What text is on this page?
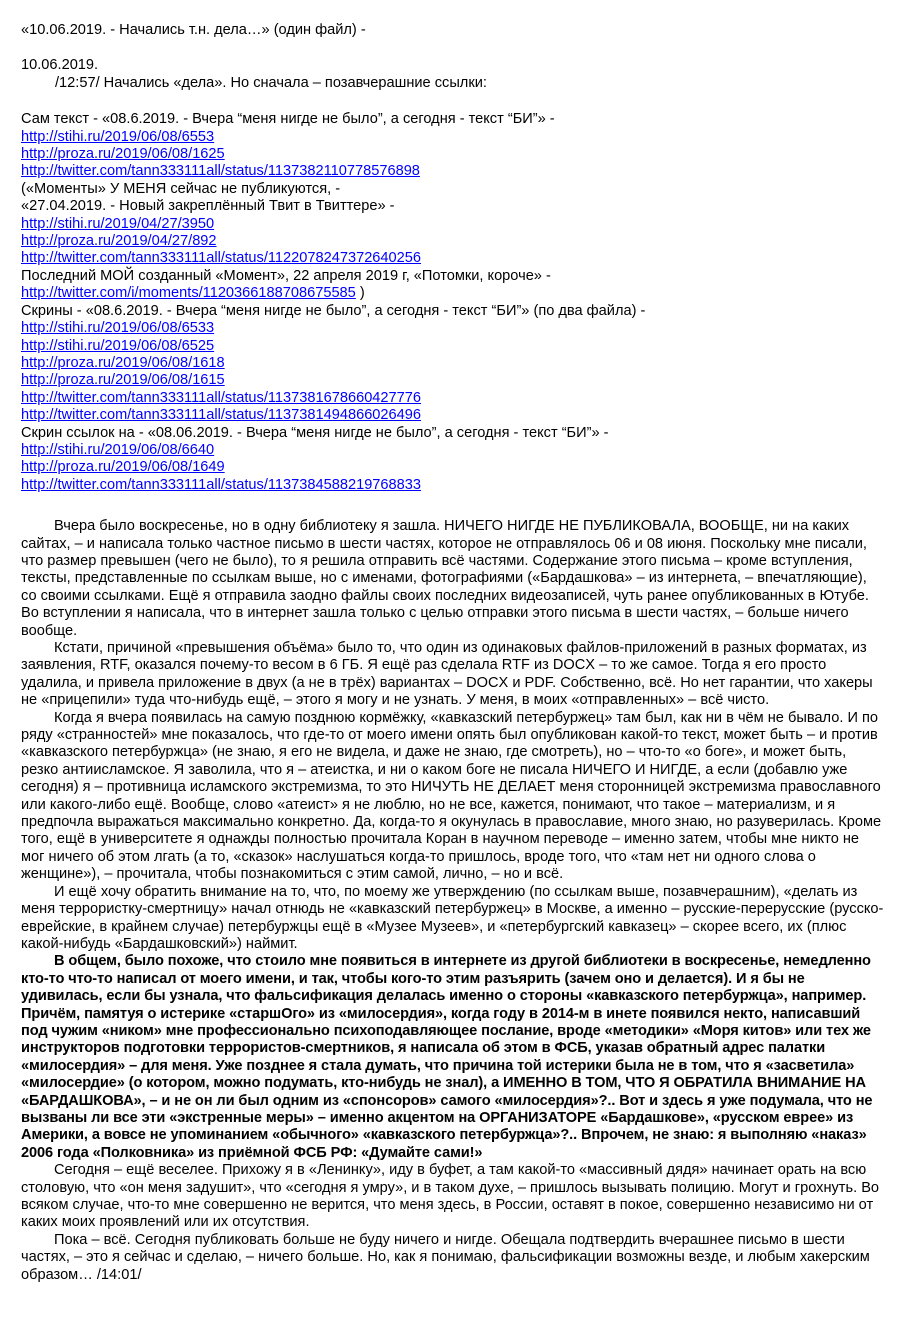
«10.06.2019. - Начались т.н. дела…» (один файл) -
10.06.2019.
/12:57/ Начались «дела». Но сначала – позавчерашние ссылки:
Сам текст - «08.6.2019. - Вчера “меня нигде не было”, а сегодня - текст “БИ”» -
http://stihi.ru/2019/06/08/6553
http://proza.ru/2019/06/08/1625
http://twitter.com/tann333111all/status/1137382110778576898
(«Моменты» У МЕНЯ сейчас не публикуются, -
«27.04.2019. - Новый закреплённый Твит в Твиттере» -
http://stihi.ru/2019/04/27/3950
http://proza.ru/2019/04/27/892
http://twitter.com/tann333111all/status/1122078247372640256
Последний МОЙ созданный «Момент», 22 апреля 2019 г, «Потомки, короче» -
http://twitter.com/i/moments/1120366188708675585 )
Скрины - «08.6.2019. - Вчера “меня нигде не было”, а сегодня - текст “БИ”» (по два файла) -
http://stihi.ru/2019/06/08/6533
http://stihi.ru/2019/06/08/6525
http://proza.ru/2019/06/08/1618
http://proza.ru/2019/06/08/1615
http://twitter.com/tann333111all/status/1137381678660427776
http://twitter.com/tann333111all/status/1137381494866026496
Скрин ссылок на - «08.06.2019. - Вчера “меня нигде не было”, а сегодня - текст “БИ”» -
http://stihi.ru/2019/06/08/6640
http://proza.ru/2019/06/08/1649
http://twitter.com/tann333111all/status/1137384588219768833

Вчера было воскресенье, но в одну библиотеку я зашла. НИЧЕГО НИГДЕ НЕ ПУБЛИКОВАЛА, ВООБЩЕ, ни на каких сайтах, – и написала только частное письмо в шести частях, которое не отправлялось 06 и 08 июня. Поскольку мне писали, что размер превышен (чего не было), то я решила отправить всё частями. Содержание этого письма – кроме вступления, тексты, представленные по ссылкам выше, но с именами, фотографиями («Бардашкова» – из интернета, – впечатляющие), со своими ссылками. Ещё я отправила заодно файлы своих последних видеозаписей, чуть ранее опубликованных в Ютубе. Во вступлении я написала, что в интернет зашла только с целью отправки этого письма в шести частях, – больше ничего вообще.

Кстати, причиной «превышения объёма» было то, что один из одинаковых файлов-приложений в разных форматах, из заявления, RTF, оказался почему-то весом в 6 ГБ. Я ещё раз сделала RTF из DOCX – то же самое. Тогда я его просто удалила, и привела приложение в двух (а не в трёх) вариантах – DOCX и PDF. Собственно, всё. Но нет гарантии, что хакеры не «прицепили» туда что-нибудь ещё, – этого я могу и не узнать. У меня, в моих «отправленных» – всё чисто.

Когда я вчера появилась на самую позднюю кормёжку, «кавказский петербуржец» там был, как ни в чём не бывало. И по ряду «странностей» мне показалось, что где-то от моего имени опять был опубликован какой-то текст, может быть – и против «кавказского петербуржца» (не знаю, я его не видела, и даже не знаю, где смотреть), но – что-то «о боге», и может быть, резко антиисламское. Я заволила, что я – атеистка, и ни о каком боге не писала НИЧЕГО И НИГДЕ, а если (добавлю уже сегодня) я – противница исламского экстремизма, то это НИЧУТЬ НЕ ДЕЛАЕТ меня сторонницей экстремизма православного или какого-либо ещё. Вообще, слово «атеист» я не люблю, но не все, кажется, понимают, что такое – материализм, и я предпочла выражаться максимально конкретно. Да, когда-то я окунулась в православие, много знаю, но разуверилась. Кроме того, ещё в университете я однажды полностью прочитала Коран в научном переводе – именно затем, чтобы мне никто не мог ничего об этом лгать (а то, «сказок» наслушаться когда-то пришлось, вроде того, что «там нет ни одного слова о женщине»), – прочитала, чтобы познакомиться с этим самой, лично, – но и всё.

И ещё хочу обратить внимание на то, что, по моему же утверждению (по ссылкам выше, позавчерашним), «делать из меня террористку-смертницу» начал отнюдь не «кавказский петербуржец» в Москве, а именно – русские-перерусские (русско-еврейские, в крайнем случае) петербуржцы ещё в «Музее Музеев», и «петербургский кавказец» – скорее всего, их (плюс какой-нибудь «Бардашковский») наймит.

В общем, было похоже, что стоило мне появиться в интернете из другой библиотеки в воскресенье, немедленно кто-то что-то написал от моего имени, и так, чтобы кого-то этим разъярить (зачем оно и делается). И я бы не удивилась, если бы узнала, что фальсификация делалась именно о стороны «кавказского петербуржца», например. Причём, памятуя о истерике «старшОго» из «милосердия», когда году в 2014-м в инете появился некто, написавший под чужим «ником» мне профессионально психоподавляющее послание, вроде «методики» «Моря китов» или тех же инструкторов подготовки террористов-смертников, я написала об этом в ФСБ, указав обратный адрес палатки «милосердия» – для меня. Уже позднее я стала думать, что причина той истерики была не в том, что я «засветила» «милосердие» (о котором, можно подумать, кто-нибудь не знал), а ИМЕННО В ТОМ, ЧТО Я ОБРАТИЛА ВНИМАНИЕ НА «БАРДАШКОВА», – и не он ли был одним из «спонсоров» самого «милосердия»?.. Вот и здесь я уже подумала, что не вызваны ли все эти «экстренные меры» – именно акцентом на ОРГАНИЗАТОРЕ «Бардашкове», «русском еврее» из Америки, а вовсе не упоминанием «обычного» «кавказского петербуржца»?.. Впрочем, не знаю: я выполняю «наказ» 2006 года «Полковника» из приёмной ФСБ РФ: «Думайте сами!»

Сегодня – ещё веселее. Прихожу я в «Ленинку», иду в буфет, а там какой-то «массивный дядя» начинает орать на всю столовую, что «он меня задушит», что «сегодня я умру», и в таком духе, – пришлось вызывать полицию. Могут и грохнуть. Во всяком случае, что-то мне совершенно не верится, что меня здесь, в России, оставят в покое, совершенно независимо ни от каких моих проявлений или их отсутствия.

Пока – всё. Сегодня публиковать больше не буду ничего и нигде. Обещала подтвердить вчерашнее письмо в шести частях, – это я сейчас и сделаю, – ничего больше. Но, как я понимаю, фальсификации возможны везде, и любым хакерским образом… /14:01/
